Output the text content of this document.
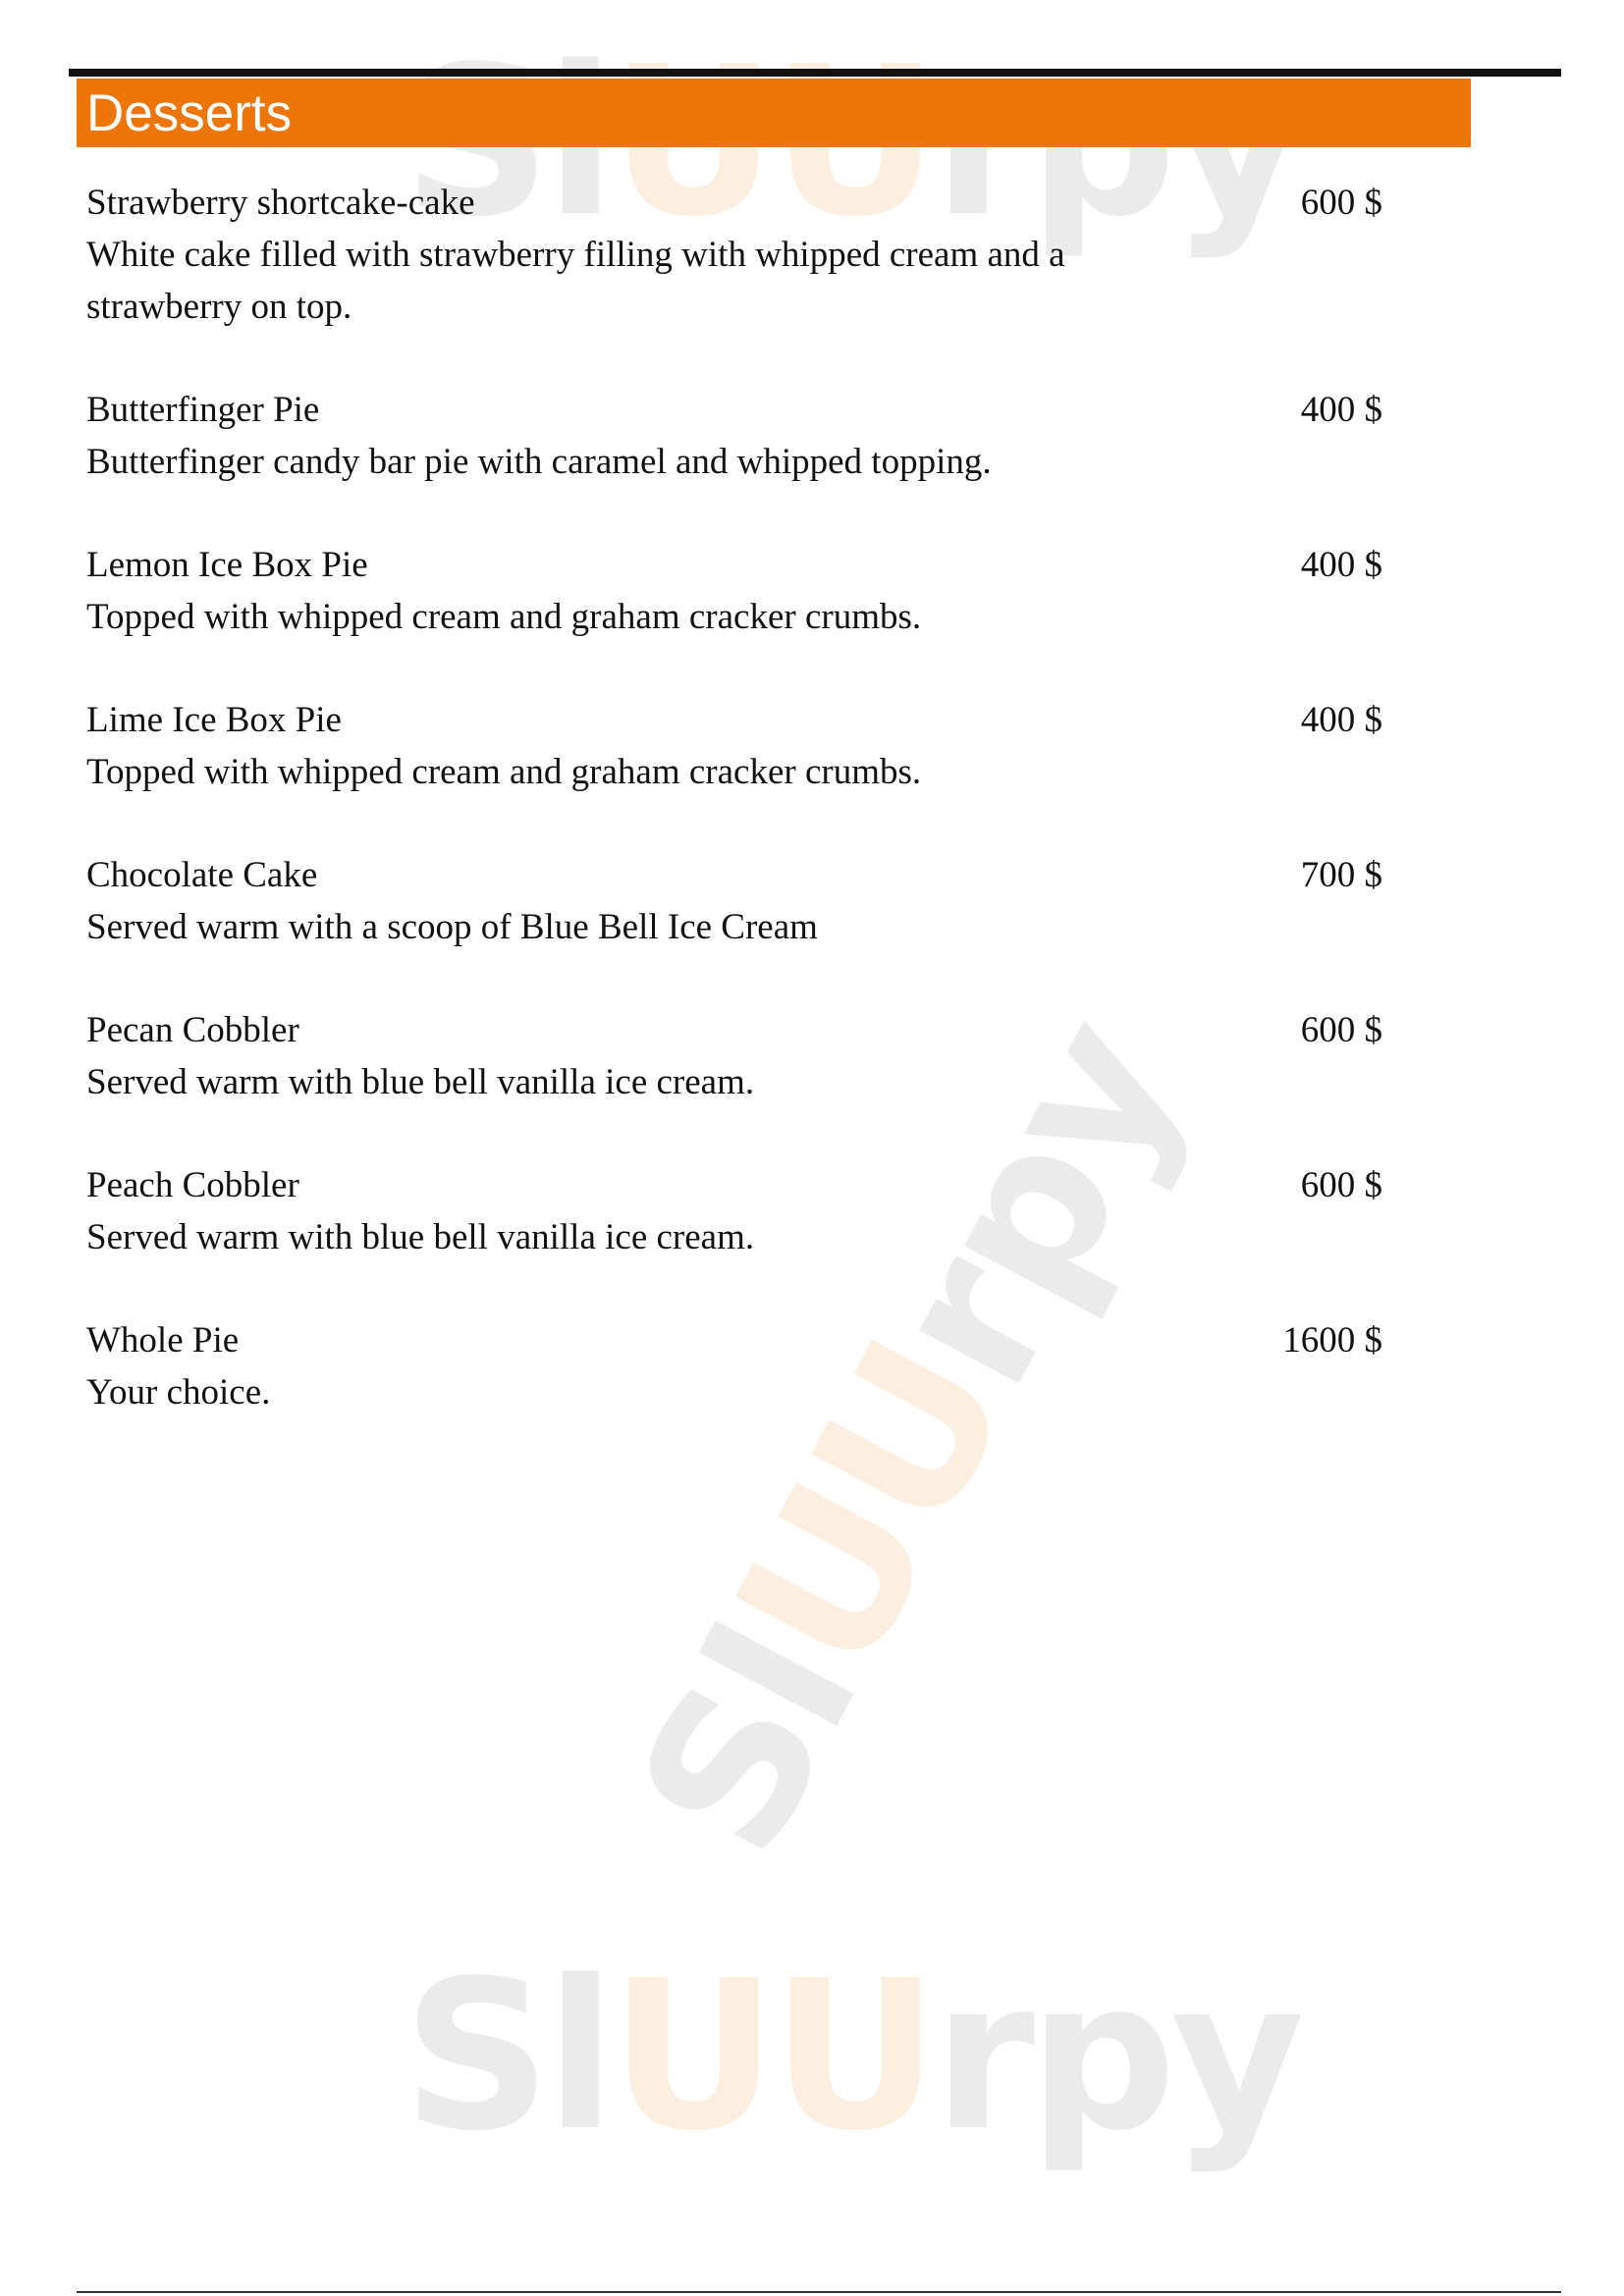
SlUUrpy
SlUUrpy
Desserts
Strawberry shortcake-cake
White cake filled with strawberry filling with whipped cream and a strawberry on top.
600 $
Butterfinger Pie
Butterfinger candy bar pie with caramel and whipped topping.
400 $
Lemon Ice Box Pie
Topped with whipped cream and graham cracker crumbs.
400 $
Lime Ice Box Pie
Topped with whipped cream and graham cracker crumbs.
400 $
Chocolate Cake
Served warm with a scoop of Blue Bell Ice Cream
700 $
Pecan Cobbler
Served warm with blue bell vanilla ice cream.
600 $
Peach Cobbler
Served warm with blue bell vanilla ice cream.
600 $
Whole Pie
Your choice.
1600 $
